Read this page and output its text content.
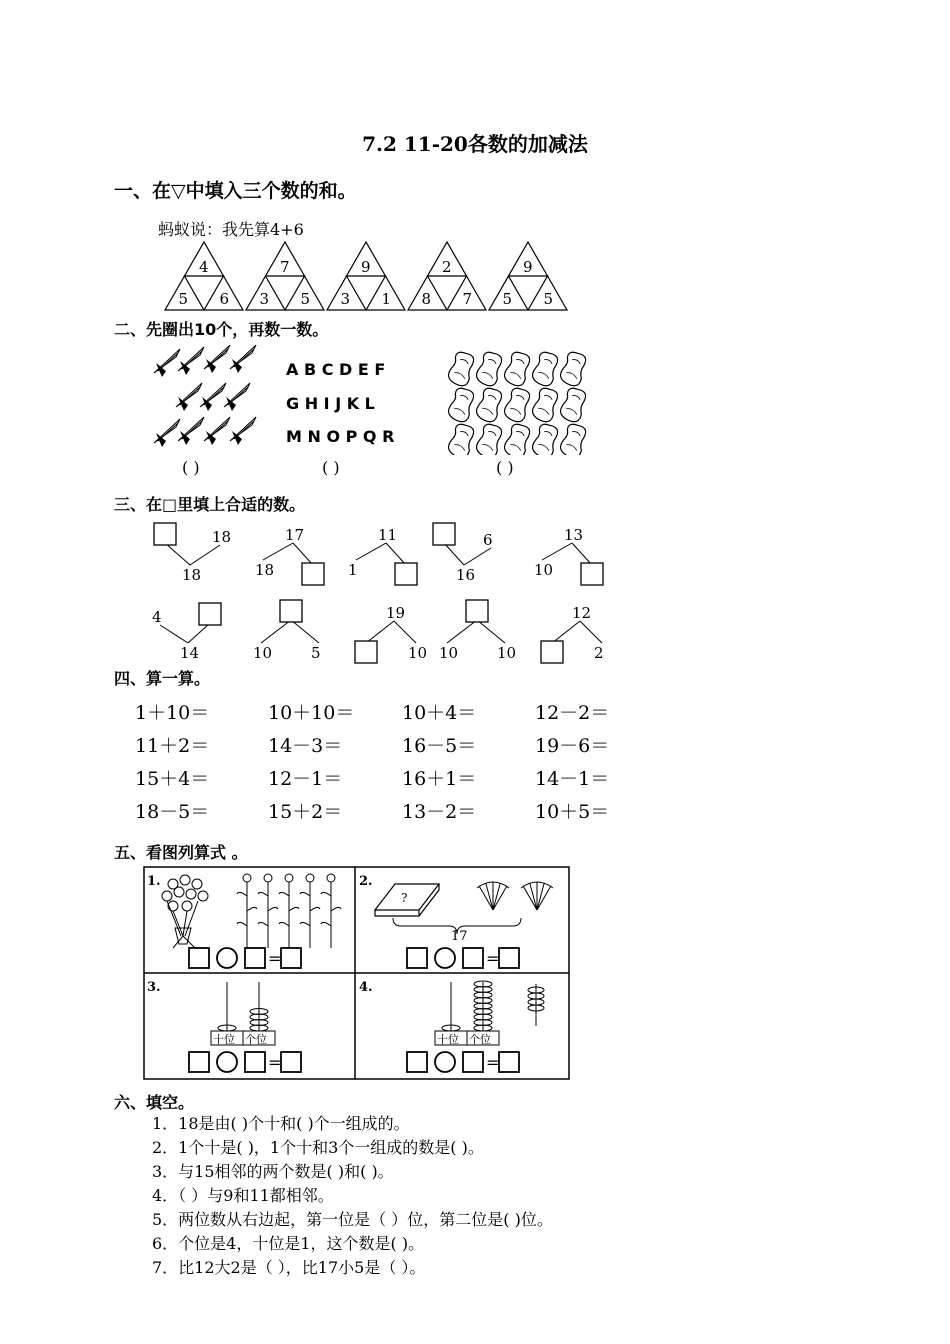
7.2 11-20各数的加减法
一、在▽中填入三个数的和。
蚂蚁说：我先算4+6
4
5 6
7
3 5
9
3 1
2
8 7
9
5 5
二、先圈出10个，再数一数。
A B C D E F
G H I J K L
M N O P Q R
( )	( )	( )
三、在□里填上合适的数。
18
18
17
18
11
1
6
16
13
10
4
14	10	5
19
10 10	10
12
2
四、算一算。
1＋10＝	10＋10＝	10＋4＝	12－2＝
11＋2＝	14－3＝	16－5＝	19－6＝
15＋4＝	12－1＝	16＋1＝	14－1＝
18－5＝	15＋2＝	13－2＝	10＋5＝
五、看图列算式 。
1.	2.
3.	4.
?
17
十位 个位	十位 个位
=	=
=	=
六、填空。
1．18是由( )个十和( )个一组成的。
2．1个十是( )，1个十和3个一组成的数是( )。
3．与15相邻的两个数是( )和( )。
4．（ ）与9和11都相邻。
5．两位数从右边起，第一位是（ ）位，第二位是( )位。
6．个位是4，十位是1，这个数是( )。
7．比12大2是（ ），比17小5是（ ）。
